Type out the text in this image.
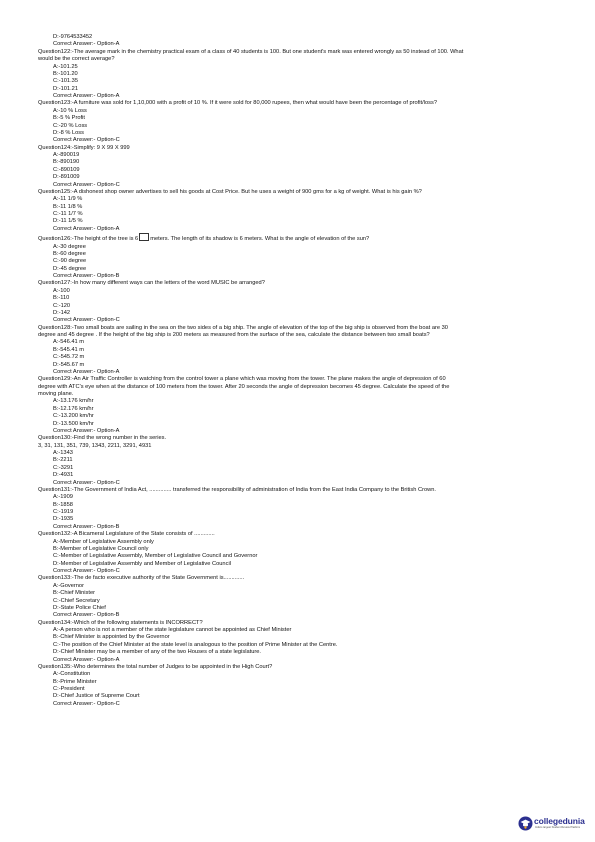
D:-9764533452
Correct Answer:- Option-A
Question122:-The average mark in the chemistry practical exam of a class of 40 students is 100. But one student's mark was entered wrongly as 50 instead of 100. What
would be the correct average?
A:-101.25
B:-101.20
C:-101.35
D:-101.21
Correct Answer:- Option-A
Question123:-A furniture was sold for 1,10,000 with a profit of 10 %. If it were sold for 80,000 rupees, then what would have been the percentage of profit/loss?
A:-10 % Loss
B:-5 % Profit
C:-20 % Loss
D:-8 % Loss
Correct Answer:- Option-C
Question124:-Simplify: 9 X 99 X 999
A:-890019
B:-890190
C:-890109
D:-891009
Correct Answer:- Option-C
Question125:-A dishonest shop owner advertises to sell his goods at Cost Price. But he uses a weight of 900 gms for a kg of weight. What is his gain %?
A:-11 1/9 %
B:-11 1/8 %
C:-11 1/7 %
D:-11 1/5 %
Correct Answer:- Option-A
Question126:-The height of the tree is 6 meters. The length of its shadow is 6 meters. What is the angle of elevation of the sun?
A:-30 degree
B:-60 degree
C:-90 degree
D:-45 degree
Correct Answer:- Option-B
Question127:-In how many different ways can the letters of the word MUSIC be arranged?
A:-100
B:-110
C:-120
D:-142
Correct Answer:- Option-C
Question128:-Two small boats are sailing in the sea on the two sides of a big ship. The angle of elevation of the top of the big ship is observed from the boat are 30
degree and 45 degree . If the height of the big ship is 200 meters as measured from the surface of the sea, calculate the distance between two small boats?
A:-546.41 m
B:-545.41 m
C:-545.72 m
D:-545.67 m
Correct Answer:- Option-A
Question129:-An Air Traffic Controller is watching from the control tower a plane which was moving from the tower. The plane makes the angle of depression of 60
degree with ATC's eye when at the distance of 100 meters from the tower. After 20 seconds the angle of depression becomes 45 degree. Calculate the speed of the
moving plane.
A:-13.176 km/hr
B:-12.176 km/hr
C:-13.200 km/hr
D:-13.500 km/hr
Correct Answer:- Option-A
Question130:-Find the wrong number in the series.
3, 31, 131, 351, 739, 1343, 2211, 3291, 4931
A:-1343
B:-2211
C:-3291
D:-4931
Correct Answer:- Option-C
Question131:-The Government of India Act, .............. transferred the responsibility of administration of India from the East India Company to the British Crown.
A:-1909
B:-1858
C:-1919
D:-1935
Correct Answer:- Option-B
Question132:-A Bicameral Legislature of the State consists of .............
A:-Member of Legislative Assembly only
B:-Member of Legislative Council only
C:-Member of Legislative Assembly, Member of Legislative Council and Governor
D:-Member of Legislative Assembly and Member of Legislative Council
Correct Answer:- Option-C
Question133:-The de facto executive authority of the State Government is.............
A:-Governor
B:-Chief Minister
C:-Chief Secretary
D:-State Police Chief
Correct Answer:- Option-B
Question134:-Which of the following statements is INCORRECT?
A:-A person who is not a member of the state legislature cannot be appointed as Chief Minister
B:-Chief Minister is appointed by the Governor
C:-The position of the Chief Minister at the state level is analogous to the position of Prime Minister at the Centre.
D:-Chief Minister may be a member of any of the two Houses of a state legislature.
Correct Answer:- Option-A
Question135:-Who determines the total number of Judges to be appointed in the High Court?
A:-Constitution
B:-Prime Minister
C:-President
D:-Chief Justice of Supreme Court
Correct Answer:- Option-C
collegedunia
India's largest Student Review Platform
